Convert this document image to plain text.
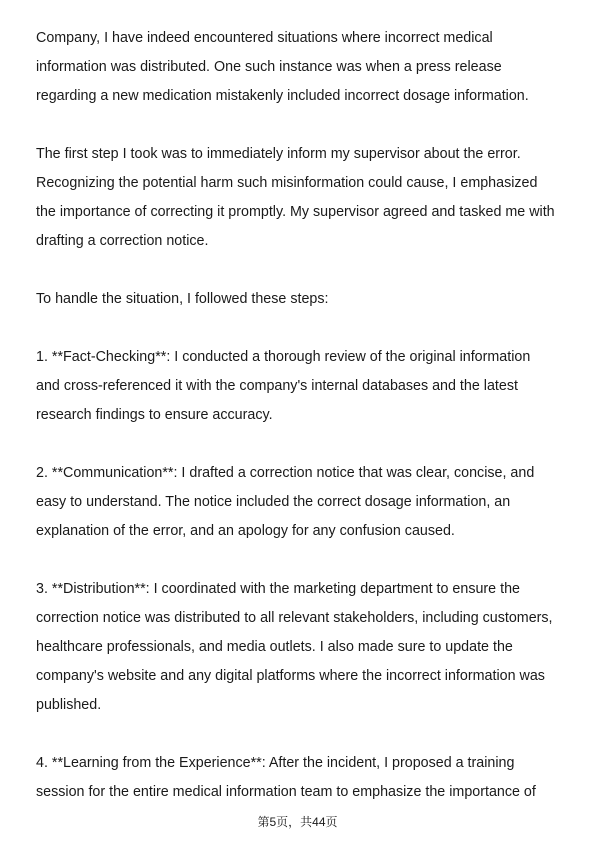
Company, I have indeed encountered situations where incorrect medical
information was distributed. One such instance was when a press release
regarding a new medication mistakenly included incorrect dosage information.

The first step I took was to immediately inform my supervisor about the error.
Recognizing the potential harm such misinformation could cause, I emphasized
the importance of correcting it promptly. My supervisor agreed and tasked me with
drafting a correction notice.

To handle the situation, I followed these steps:

1. **Fact-Checking**: I conducted a thorough review of the original information
and cross-referenced it with the company's internal databases and the latest
research findings to ensure accuracy.

2. **Communication**: I drafted a correction notice that was clear, concise, and
easy to understand. The notice included the correct dosage information, an
explanation of the error, and an apology for any confusion caused.

3. **Distribution**: I coordinated with the marketing department to ensure the
correction notice was distributed to all relevant stakeholders, including customers,
healthcare professionals, and media outlets. I also made sure to update the
company's website and any digital platforms where the incorrect information was
published.

4. **Learning from the Experience**: After the incident, I proposed a training
session for the entire medical information team to emphasize the importance of

第5页，共44页
